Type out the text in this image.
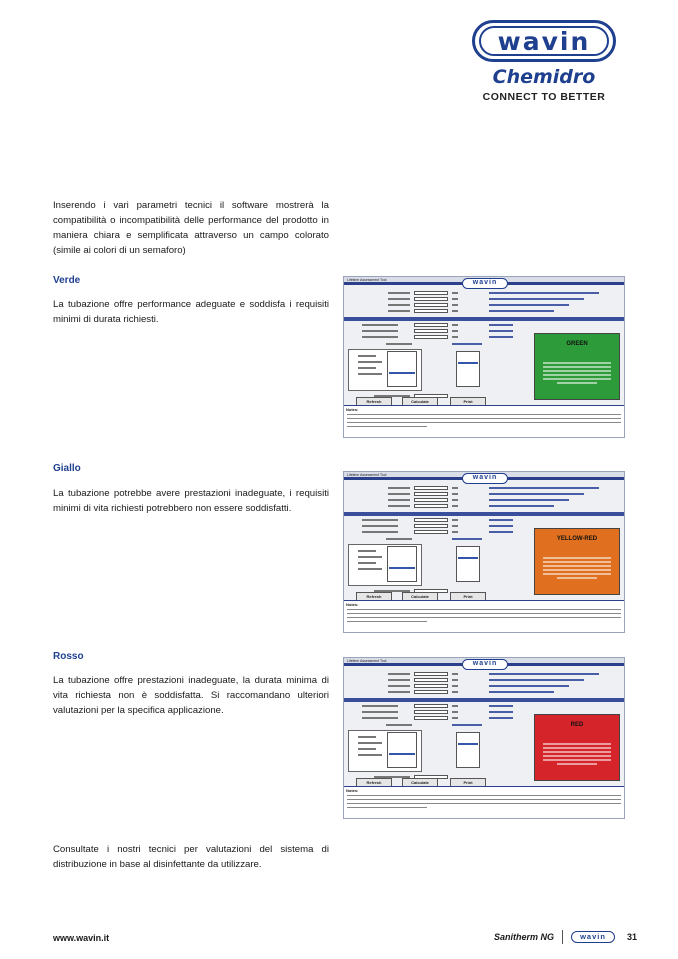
wavin
Chemidro
CONNECT TO BETTER

Inserendo i vari parametri tecnici il software mostrerà la compatibilità o incompatibilità delle performance del prodotto in maniera chiara e semplificata attraverso un campo colorato (simile ai colori di un semaforo)

Verde

La tubazione offre performance adeguate e soddisfa i requisiti minimi di durata richiesti.

Giallo

La tubazione potrebbe avere prestazioni inadeguate, i requisiti minimi di vita richiesti potrebbero non essere soddisfatti.

Rosso

La tubazione offre prestazioni inadeguate, la durata minima di vita richiesta non è soddisfatta. Si raccomandano ulteriori valutazioni per la specifica applicazione.

Lifetime Assessment Tool	wavin
Refresh	Calculate	Print
GREEN
Notes:
Lifetime Assessment Tool	wavin
Refresh	Calculate	Print
YELLOW-RED
Notes:
Lifetime Assessment Tool	wavin
Refresh	Calculate	Print
RED
Notes:

Consultate i nostri tecnici per valutazioni del sistema di distribuzione in base al disinfettante da utilizzare.

www.wavin.it	Sanitherm NG	wavin	31
